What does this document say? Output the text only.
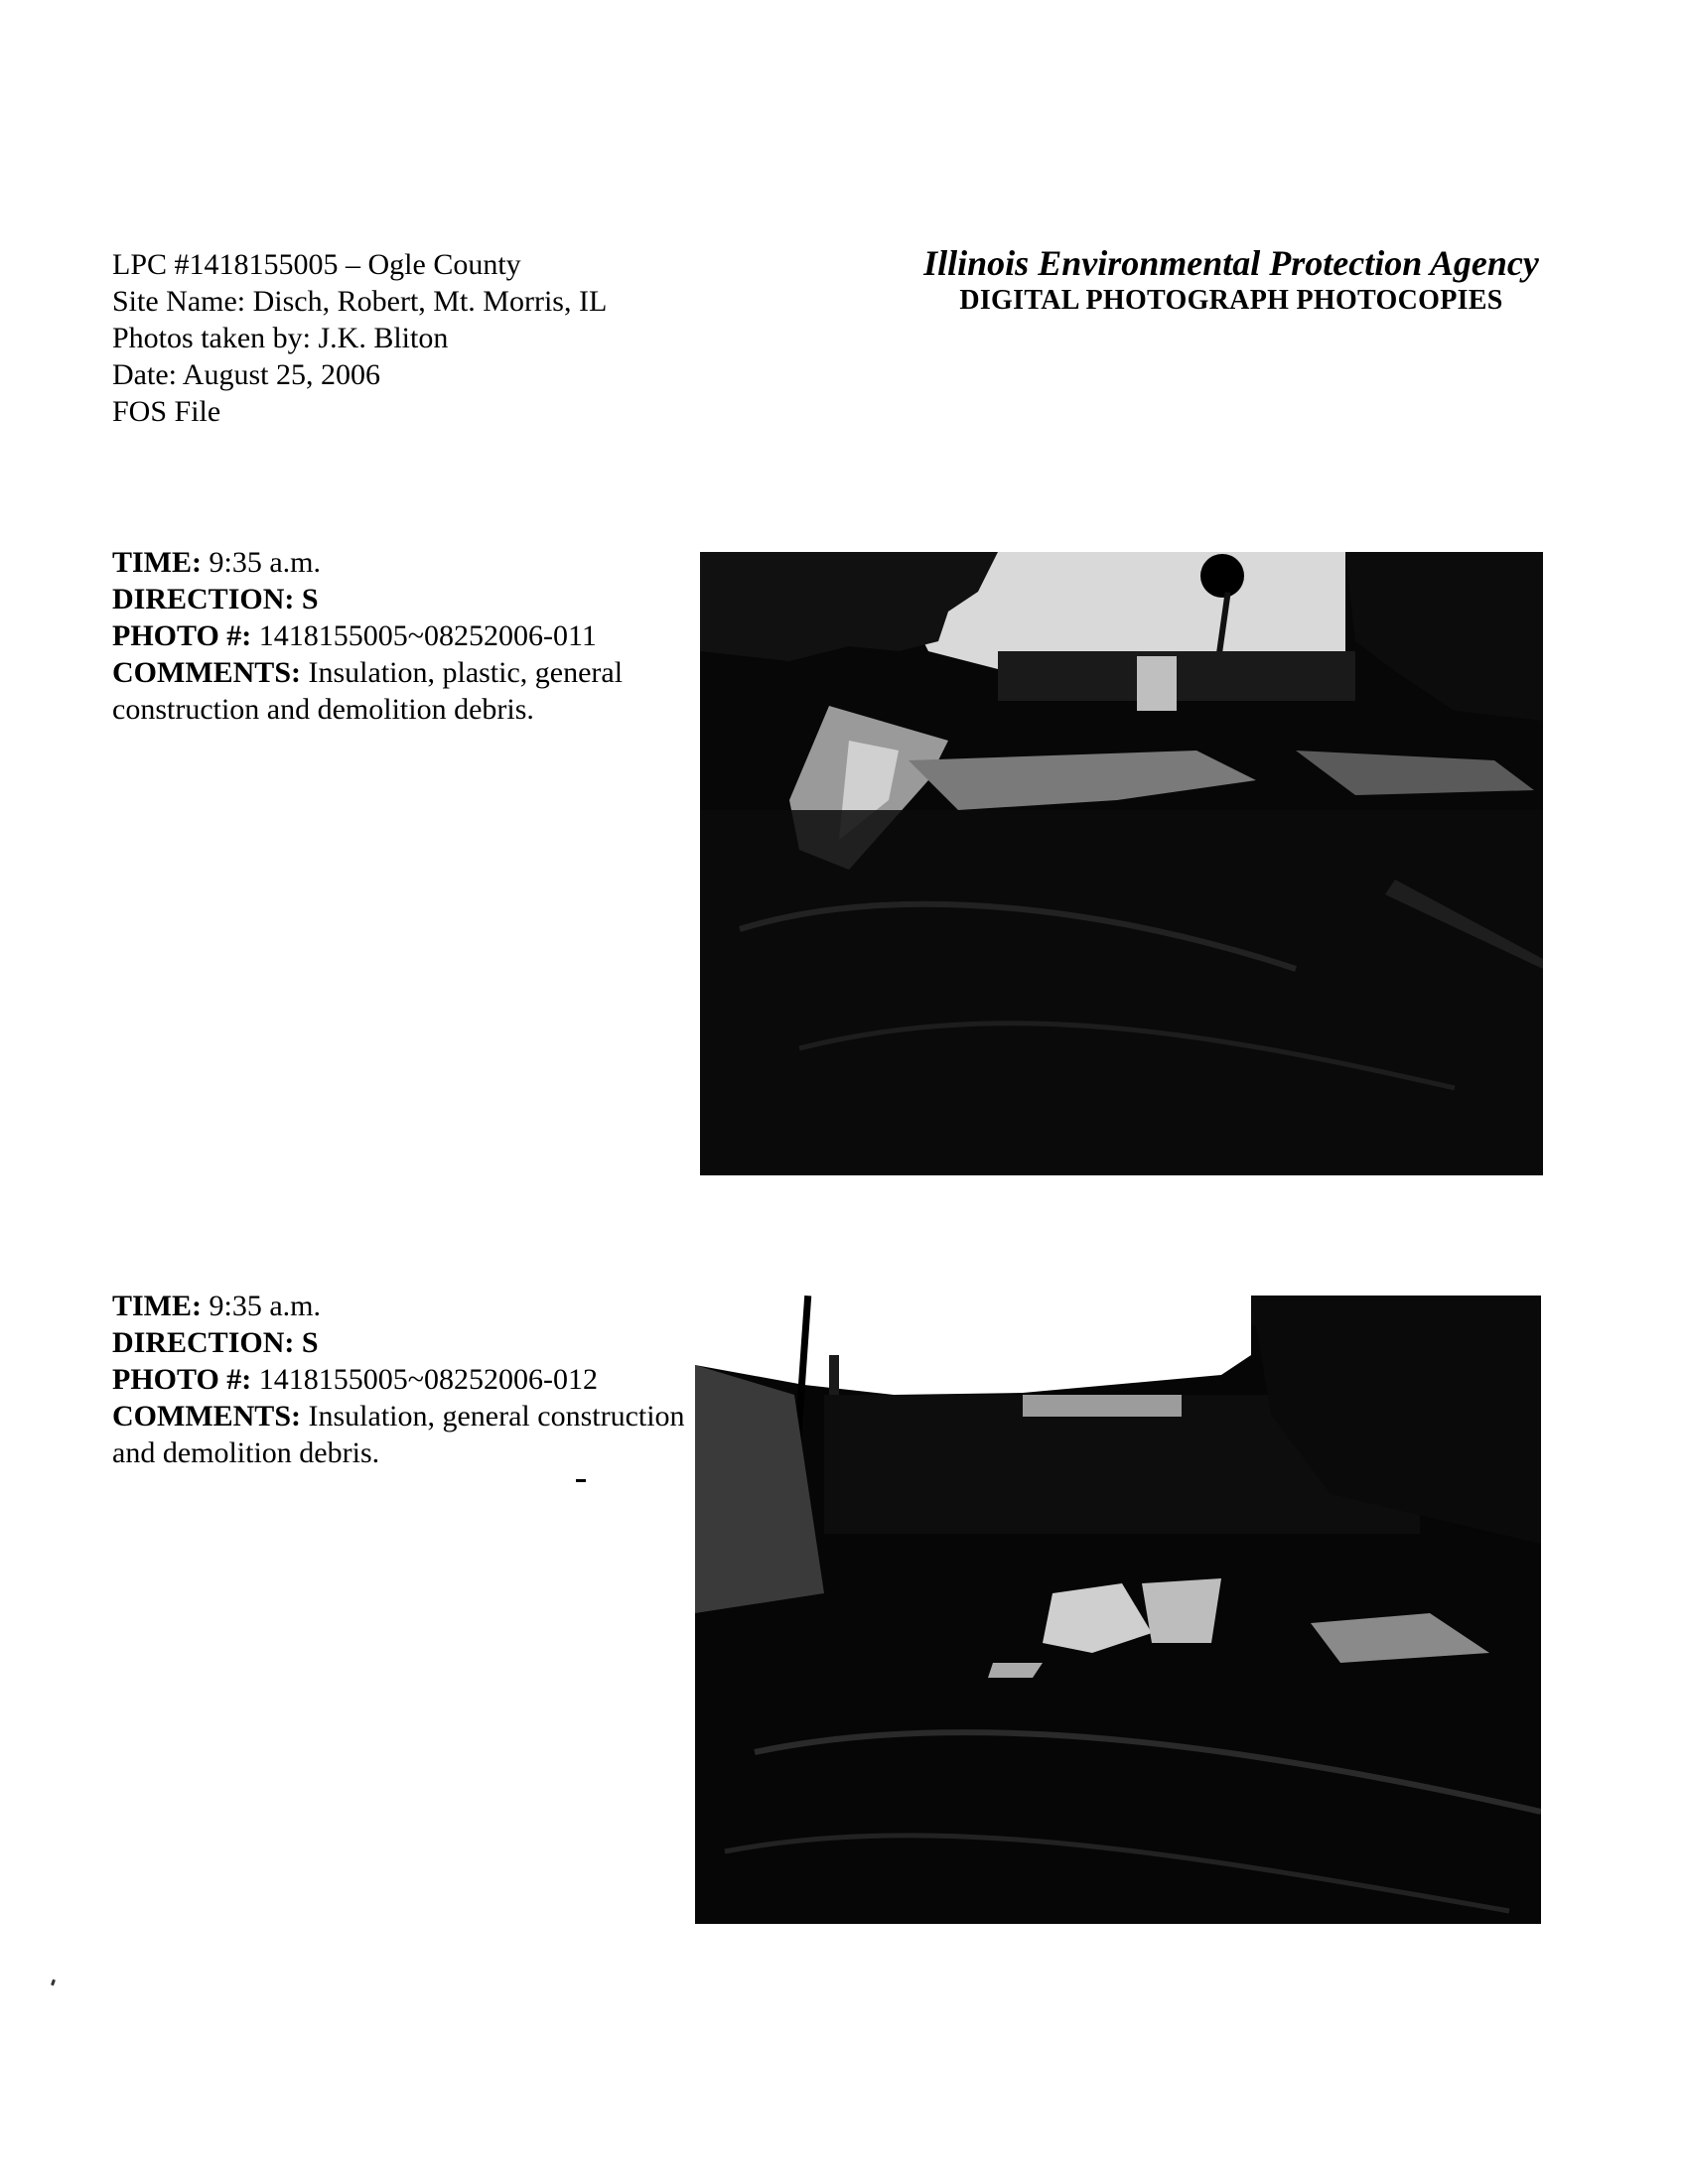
LPC #1418155005 – Ogle County
Site Name: Disch, Robert, Mt. Morris, IL
Photos taken by: J.K. Bliton
Date: August 25, 2006
FOS File
Illinois Environmental Protection Agency
DIGITAL PHOTOGRAPH PHOTOCOPIES
TIME: 9:35 a.m.
DIRECTION: S
PHOTO #: 1418155005~08252006-011
COMMENTS: Insulation, plastic, general construction and demolition debris.
TIME: 9:35 a.m.
DIRECTION: S
PHOTO #: 1418155005~08252006-012
COMMENTS: Insulation, general construction and demolition debris.
